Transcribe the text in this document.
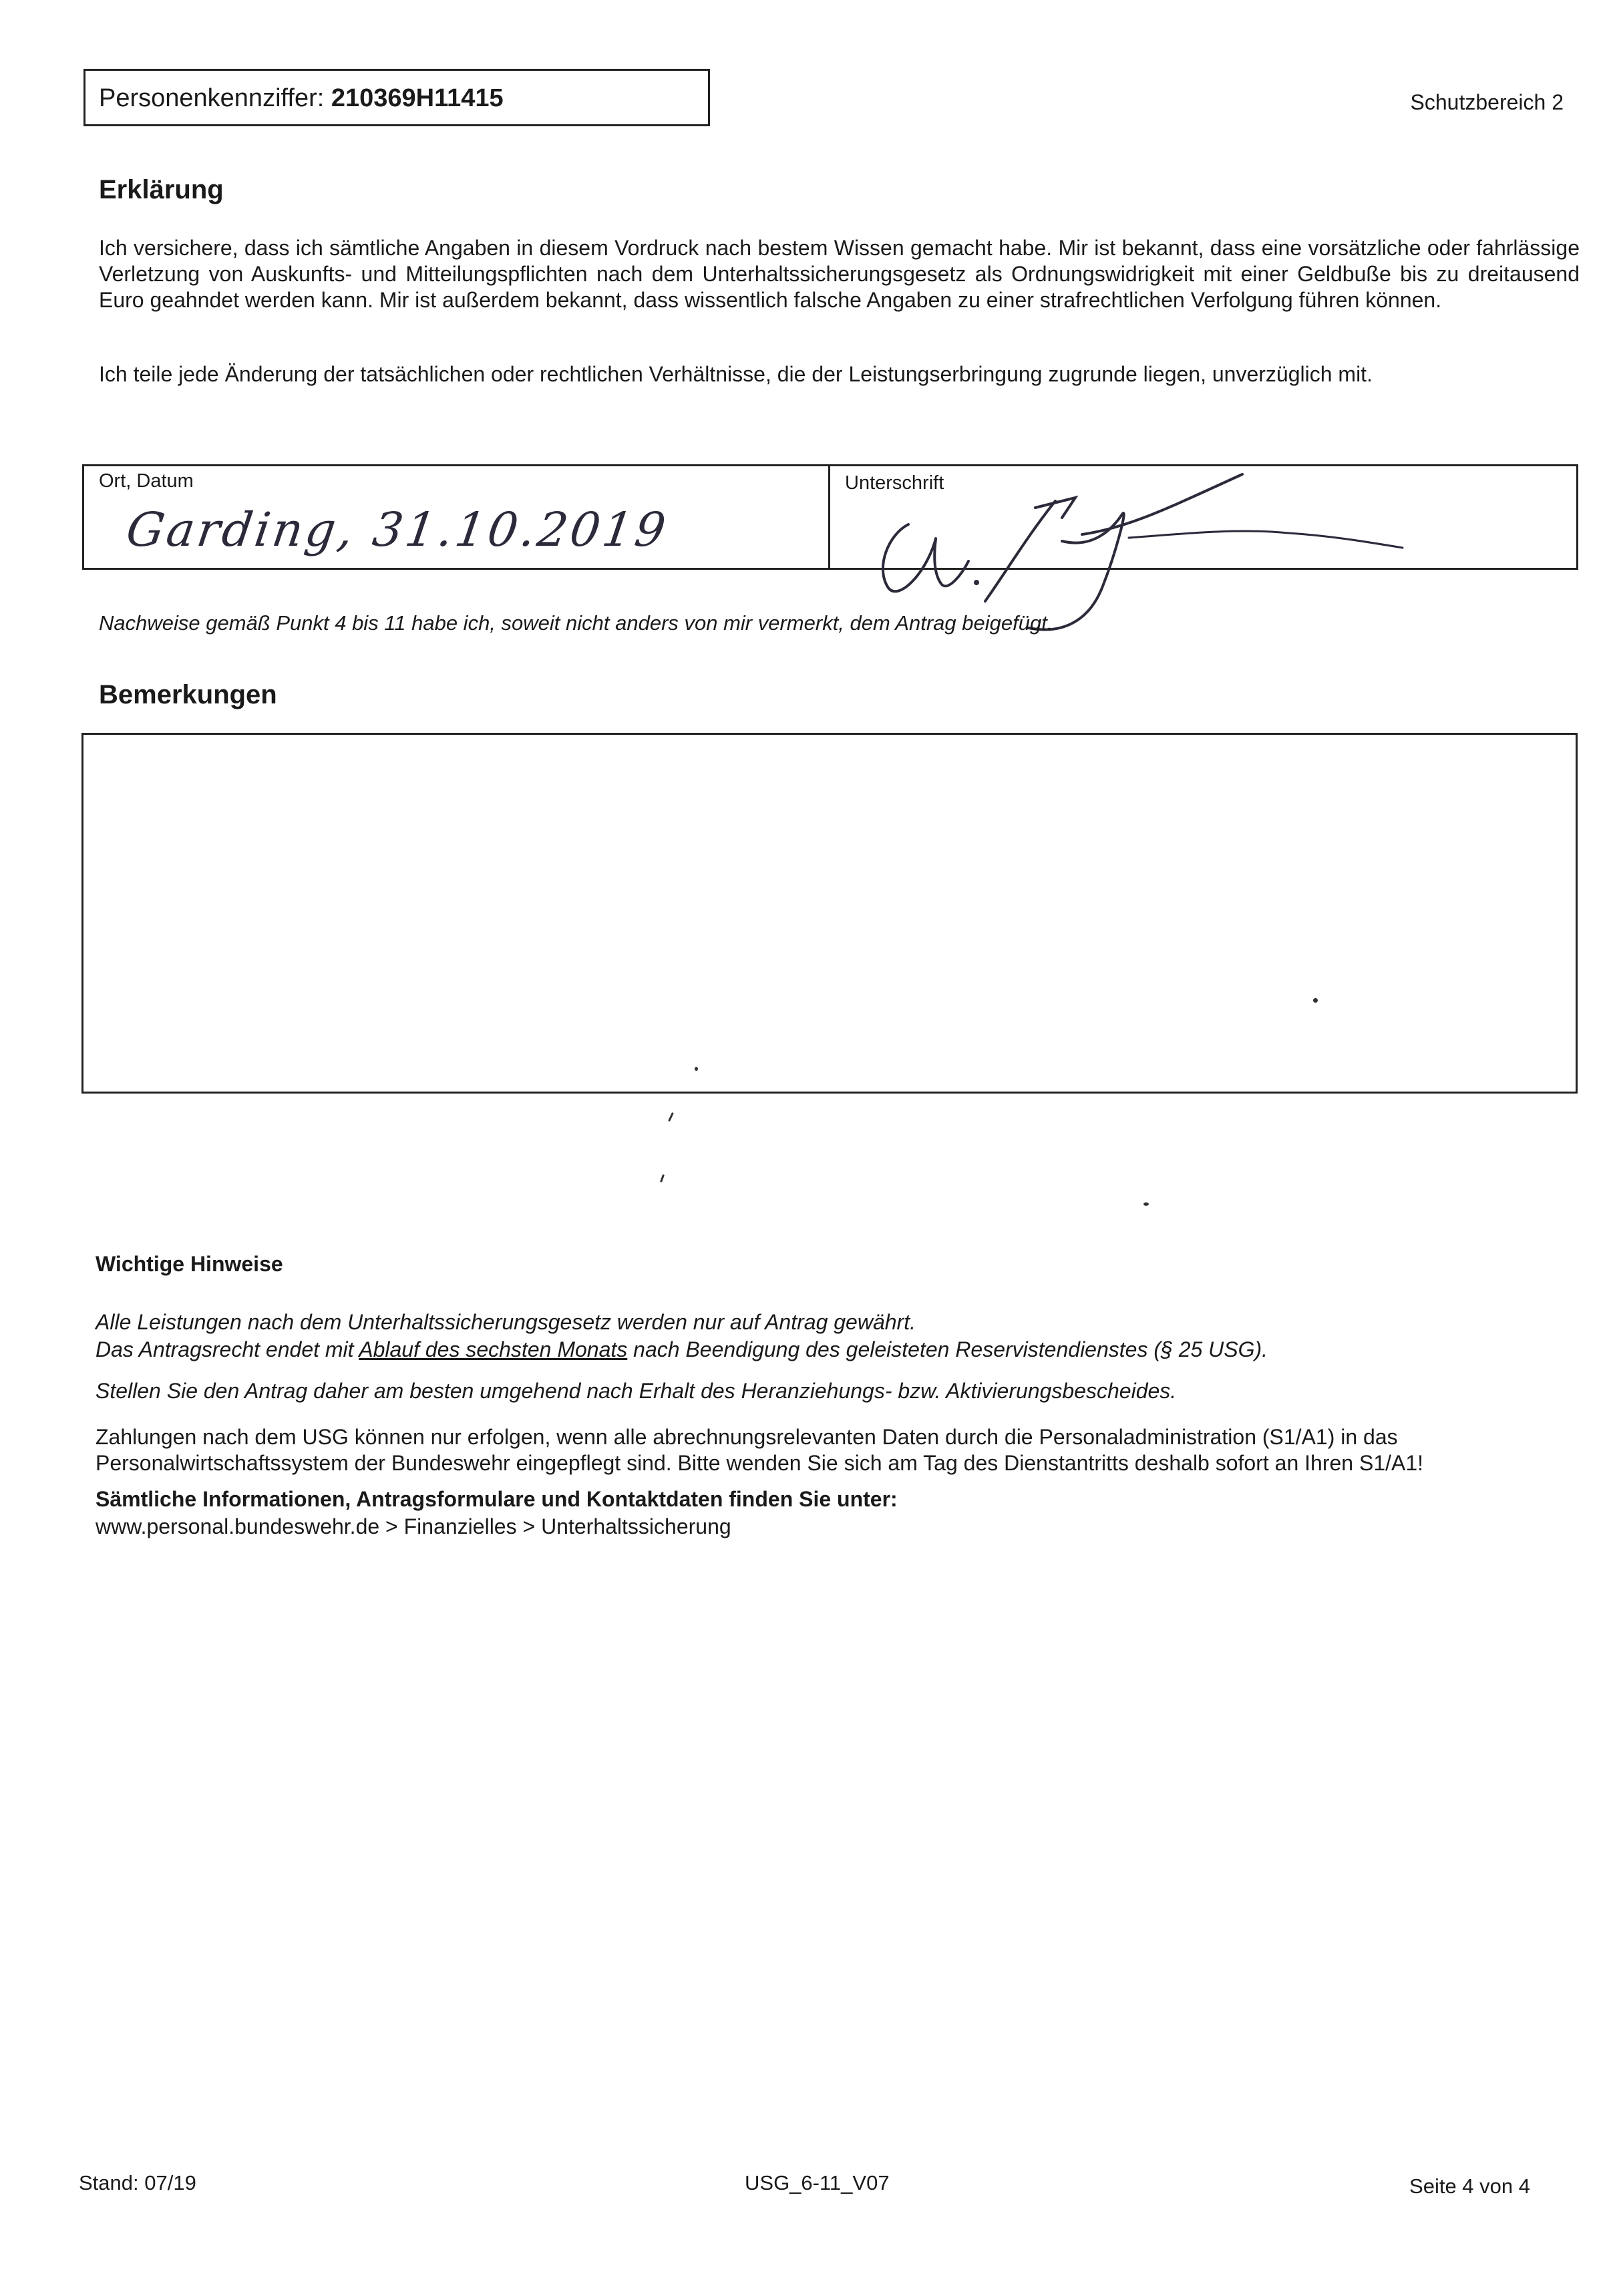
Personenkennziffer: 210369H11415	Schutzbereich 2
Erklärung
Ich versichere, dass ich sämtliche Angaben in diesem Vordruck nach bestem Wissen gemacht habe. Mir ist bekannt, dass eine vorsätzliche oder fahrlässige Verletzung von Auskunfts- und Mitteilungspflichten nach dem Unterhaltssicherungsgesetz als Ordnungswidrigkeit mit einer Geldbuße bis zu dreitausend Euro geahndet werden kann. Mir ist außerdem bekannt, dass wissentlich falsche Angaben zu einer strafrechtlichen Verfolgung führen können.
Ich teile jede Änderung der tatsächlichen oder rechtlichen Verhältnisse, die der Leistungserbringung zugrunde liegen, unverzüglich mit.
Ort, Datum
Garding, 31.10.2019
Unterschrift
Nachweise gemäß Punkt 4 bis 11 habe ich, soweit nicht anders von mir vermerkt, dem Antrag beigefügt.
Bemerkungen
Wichtige Hinweise
Alle Leistungen nach dem Unterhaltssicherungsgesetz werden nur auf Antrag gewährt.
Das Antragsrecht endet mit Ablauf des sechsten Monats nach Beendigung des geleisteten Reservistendienstes (§ 25 USG).
Stellen Sie den Antrag daher am besten umgehend nach Erhalt des Heranziehungs- bzw. Aktivierungsbescheides.
Zahlungen nach dem USG können nur erfolgen, wenn alle abrechnungsrelevanten Daten durch die Personaladministration (S1/A1) in das Personalwirtschaftssystem der Bundeswehr eingepflegt sind. Bitte wenden Sie sich am Tag des Dienstantritts deshalb sofort an Ihren S1/A1!
Sämtliche Informationen, Antragsformulare und Kontaktdaten finden Sie unter:
www.personal.bundeswehr.de > Finanzielles > Unterhaltssicherung
Stand: 07/19	USG_6-11_V07	Seite 4 von 4
